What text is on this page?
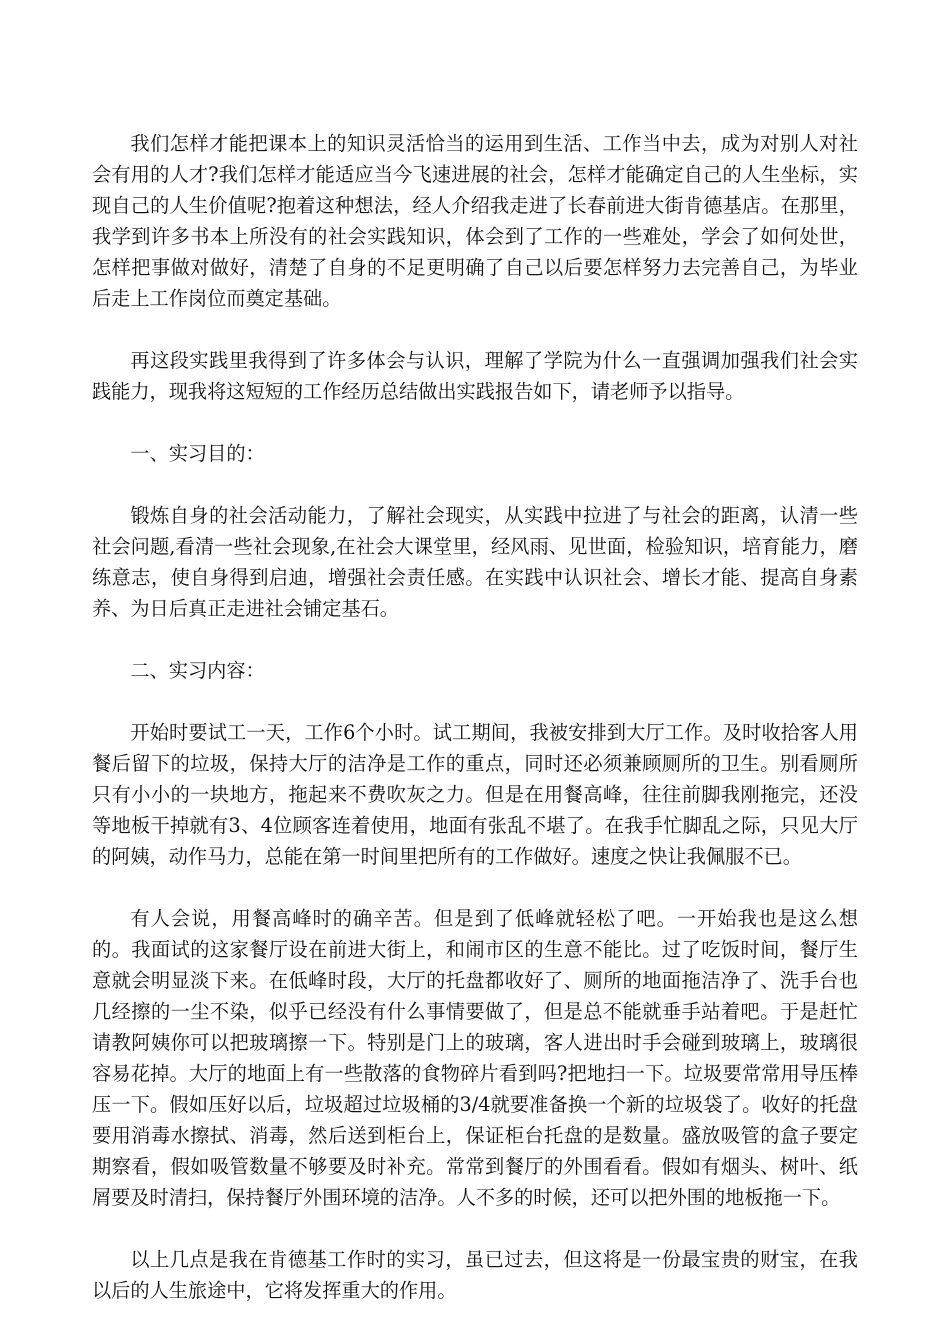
我们怎样才能把课本上的知识灵活恰当的运用到生活、工作当中去，成为对别人对社会有用的人才?我们怎样才能适应当今飞速进展的社会，怎样才能确定自己的人生坐标，实现自己的人生价值呢?抱着这种想法，经人介绍我走进了长春前进大街肯德基店。在那里，我学到许多书本上所没有的社会实践知识，体会到了工作的一些难处，学会了如何处世，怎样把事做对做好，清楚了自身的不足更明确了自己以后要怎样努力去完善自己，为毕业后走上工作岗位而奠定基础。

再这段实践里我得到了许多体会与认识，理解了学院为什么一直强调加强我们社会实践能力，现我将这短短的工作经历总结做出实践报告如下，请老师予以指导。

一、实习目的：

锻炼自身的社会活动能力，了解社会现实，从实践中拉进了与社会的距离，认清一些社会问题,看清一些社会现象,在社会大课堂里，经风雨、见世面，检验知识，培育能力，磨练意志，使自身得到启迪，增强社会责任感。在实践中认识社会、增长才能、提高自身素养、为日后真正走进社会铺定基石。

二、实习内容：

开始时要试工一天，工作6个小时。试工期间，我被安排到大厅工作。及时收拾客人用餐后留下的垃圾，保持大厅的洁净是工作的重点，同时还必须兼顾厕所的卫生。别看厕所只有小小的一块地方，拖起来不费吹灰之力。但是在用餐高峰，往往前脚我刚拖完，还没等地板干掉就有3、4位顾客连着使用，地面有张乱不堪了。在我手忙脚乱之际，只见大厅的阿姨，动作马力，总能在第一时间里把所有的工作做好。速度之快让我佩服不已。

有人会说，用餐高峰时的确辛苦。但是到了低峰就轻松了吧。一开始我也是这么想的。我面试的这家餐厅设在前进大街上，和闹市区的生意不能比。过了吃饭时间，餐厅生意就会明显淡下来。在低峰时段，大厅的托盘都收好了、厕所的地面拖洁净了、洗手台也几经擦的一尘不染，似乎已经没有什么事情要做了，但是总不能就垂手站着吧。于是赶忙请教阿姨你可以把玻璃擦一下。特别是门上的玻璃，客人进出时手会碰到玻璃上，玻璃很容易花掉。大厅的地面上有一些散落的食物碎片看到吗?把地扫一下。垃圾要常常用导压棒压一下。假如压好以后，垃圾超过垃圾桶的3/4就要准备换一个新的垃圾袋了。收好的托盘要用消毒水擦拭、消毒，然后送到柜台上，保证柜台托盘的是数量。盛放吸管的盒子要定期察看，假如吸管数量不够要及时补充。常常到餐厅的外围看看。假如有烟头、树叶、纸屑要及时清扫，保持餐厅外围环境的洁净。人不多的时候，还可以把外围的地板拖一下。

以上几点是我在肯德基工作时的实习，虽已过去，但这将是一份最宝贵的财宝，在我以后的人生旅途中，它将发挥重大的作用。
